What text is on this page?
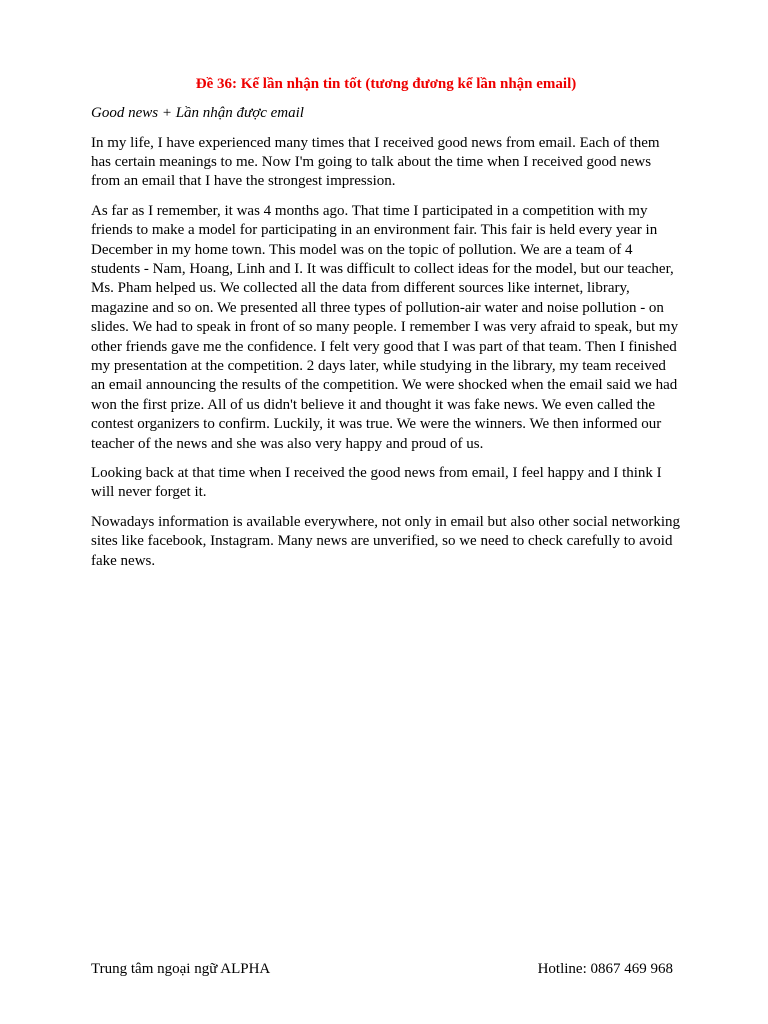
Đề 36: Kể lần nhận tin tốt (tương đương kể lần nhận email)
Good news + Lần nhận được email

In my life, I have experienced many times that I received good news from email. Each of them has certain meanings to me. Now I'm going to talk about the time when I received good news from an email that I have the strongest impression.

As far as I remember, it was 4 months ago. That time I participated in a competition with my friends to make a model for participating in an environment fair. This fair is held every year in December in my home town. This model was on the topic of pollution. We are a team of 4 students - Nam, Hoang, Linh and I. It was difficult to collect ideas for the model, but our teacher, Ms. Pham helped us. We collected all the data from different sources like internet, library, magazine and so on. We presented all three types of pollution-air water and noise pollution - on slides. We had to speak in front of so many people. I remember I was very afraid to speak, but my other friends gave me the confidence. I felt very good that I was part of that team. Then I finished my presentation at the competition. 2 days later, while studying in the library, my team received an email announcing the results of the competition. We were shocked when the email said we had won the first prize. All of us didn't believe it and thought it was fake news. We even called the contest organizers to confirm. Luckily, it was true. We were the winners. We then informed our teacher of the news and she was also very happy and proud of us.

Looking back at that time when I received the good news from email, I feel happy and I think I will never forget it.

Nowadays information is available everywhere, not only in email but also other social networking sites like facebook, Instagram. Many news are unverified, so we need to check carefully to avoid fake news.

Trung tâm ngoại ngữ ALPHA	Hotline: 0867 469 968
